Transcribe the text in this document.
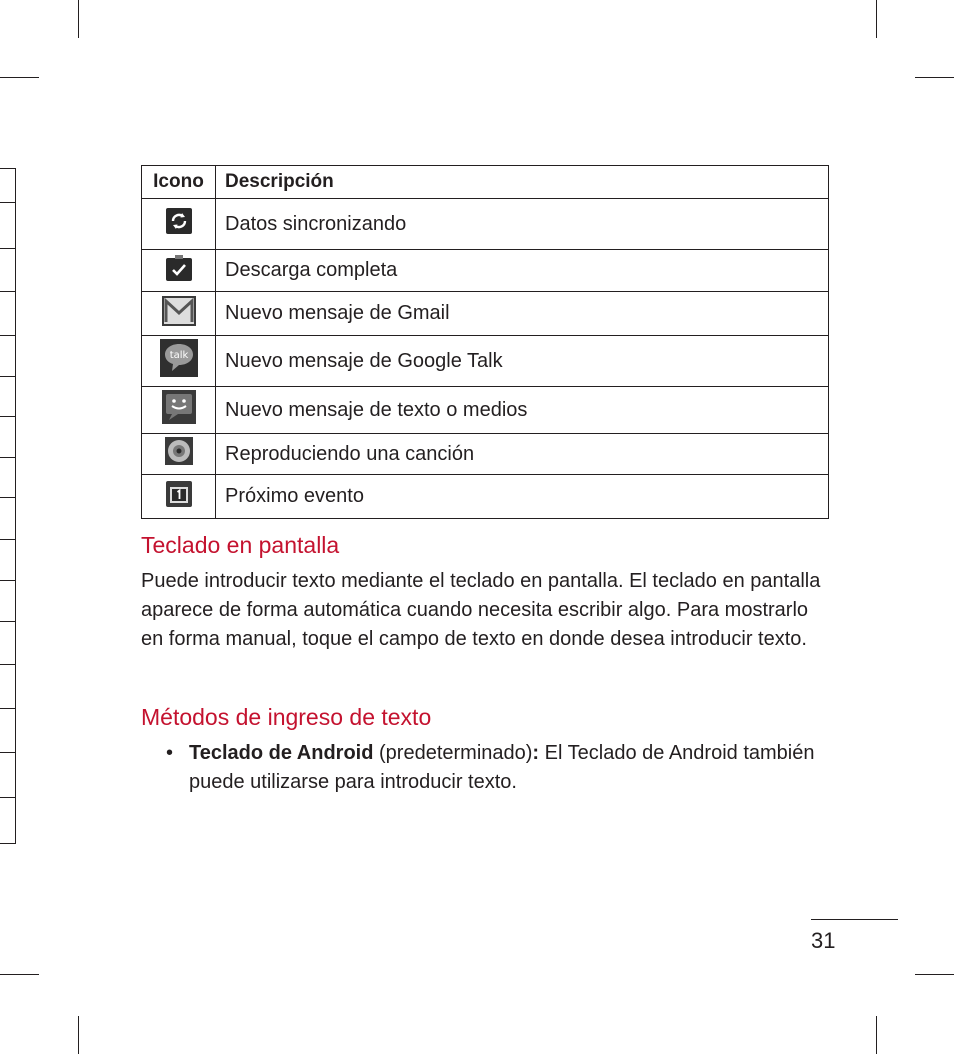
Icono	Descripción
	Datos sincronizando
	Descarga completa
	Nuevo mensaje de Gmail

talk	Nuevo mensaje de Google Talk
	Nuevo mensaje de texto o medios
	Reproduciendo una canción
	Próximo evento
Teclado en pantalla

Puede introducir texto mediante el teclado en pantalla. El teclado en pantalla aparece de forma automática cuando necesita escribir algo. Para mostrarlo en forma manual, toque el campo de texto en donde desea introducir texto.

Métodos de ingreso de texto
• Teclado de Android (predeterminado): El Teclado de Android también puede utilizarse para introducir texto.

31
